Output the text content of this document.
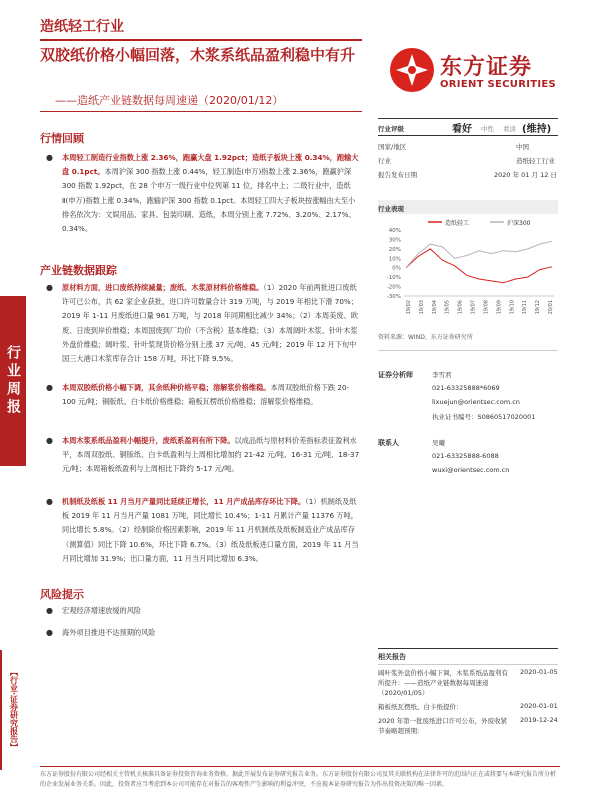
造纸轻工行业
双胶纸价格小幅回落，木浆系纸品盈利稳中有升
——造纸产业链数据每周速递（2020/01/12）
东方证券
ORIENT SECURITIES
行业周报
【行业·证券研究报告】
行情回顾
● 本周轻工制造行业指数上涨 2.36%，跑赢大盘 1.92pct；造纸子板块上涨 0.34%，跑输大盘 0.1pct。本周沪深 300 指数上涨 0.44%，轻工制造(申万)指数上涨 2.36%，跑赢沪深 300 指数 1.92pct，在 28 个申万一级行业中位列第 11 位，排名中上；二级行业中，造纸Ⅱ(申万)指数上涨 0.34%，跑输沪深 300 指数 0.1pct。本周轻工四大子板块按涨幅由大至小排名依次为：文娱用品、家具、包装印刷、造纸，本周分别上涨 7.72%、3.20%、2.17%、0.34%。
产业链数据跟踪
● 原材料方面，进口废纸持续减量；废纸、木浆原材料价格维稳。（1）2020 年前两批进口废纸许可已公布，共 62 家企业获批，进口许可数量合计 319 万吨，与 2019 年相比下滑 70%；2019 年 1-11 月废纸进口量 961 万吨，与 2018 年同期相比减少 34%；（2）本周美废、欧废、日废到岸价维稳；本周国废到厂均价（不含税）基本维稳；（3）本周阔叶木浆、针叶木浆外盘价维稳；阔叶浆、针叶浆现货价格分别上涨 37 元/吨、45 元/吨；2019 年 12 月下旬中国三大港口木浆库存合计 158 万吨，环比下降 9.5%。
● 本周双胶纸价格小幅下调，其余纸种价格平稳；溶解浆价格维稳。本周双胶纸价格下跌 20-100 元/吨；铜版纸、白卡纸价格维稳；箱板瓦楞纸价格维稳；溶解浆价格维稳。
● 本周木浆系纸品盈利小幅提升，废纸系盈利有所下降。以成品纸与原材料价差指标表征盈利水平，本周双胶纸、铜版纸、白卡纸盈利与上周相比增加约 21-42 元/吨、16-31 元/吨、18-37 元/吨；本周箱板纸盈利与上周相比下降约 5-17 元/吨。
● 机制纸及纸板 11 月当月产量同比延续正增长，11 月产成品库存环比下降。（1）机制纸及纸板 2019 年 11 月当月产量 1081 万吨，同比增长 10.4%；1-11 月累计产量 11376 万吨，同比增长 5.8%。（2）经制除价格因素影响，2019 年 11 月机制纸及纸板制造业产成品库存（测算值）同比下降 10.6%，环比下降 6.7%。（3）纸及纸板进口量方面，2019 年 11 月当月同比增加 31.9%；出口量方面，11 月当月同比增加 6.3%。
风险提示
● 宏观经济增速放缓的风险
● 海外项目推进不达预期的风险
行业评级	看好 中性 看淡 (维持)
国家/地区	中国
行业	造纸轻工行业
报告发布日期	2020 年 01 月 12 日
行业表现
造纸轻工	沪深300
40%
30%
20%
10%
0%
-10%
-20%
-30%
19/02 19/03 19/04 19/05 19/06 19/07 19/08 19/09 19/10 19/11 19/12 20/01
资料来源：WIND、东方证券研究所
证券分析师	李雪君
021-63325888*6069
lixuejun@orientsec.com.cn
执业证书编号：S0860517020001
联系人	吴曦
021-63325888-6088
wuxi@orientsec.com.cn
相关报告
阔叶浆外盘价格小幅下调，木浆系纸品盈利有所提升：——造纸产业链数据每周速递（2020/01/05）
2020-01-05
箱板纸瓦楞纸、白卡纸提价：	2020-01-01
2020 年第一批废纸进口许可公布，外废收紧节奏略超预期：
2019-12-24
东方证券股份有限公司经相关主管机关核准具备证券投资咨询业务资格，据此开展发布证券研究报告业务。东方证券股份有限公司及其关联机构在法律许可的范围内正在或将要与本研究报告所分析的企业发展业务关系。因此，投资者应当考虑到本公司可能存在对报告的客观性产生影响的利益冲突，不应视本证券研究报告为作出投资决策的唯一因素。
